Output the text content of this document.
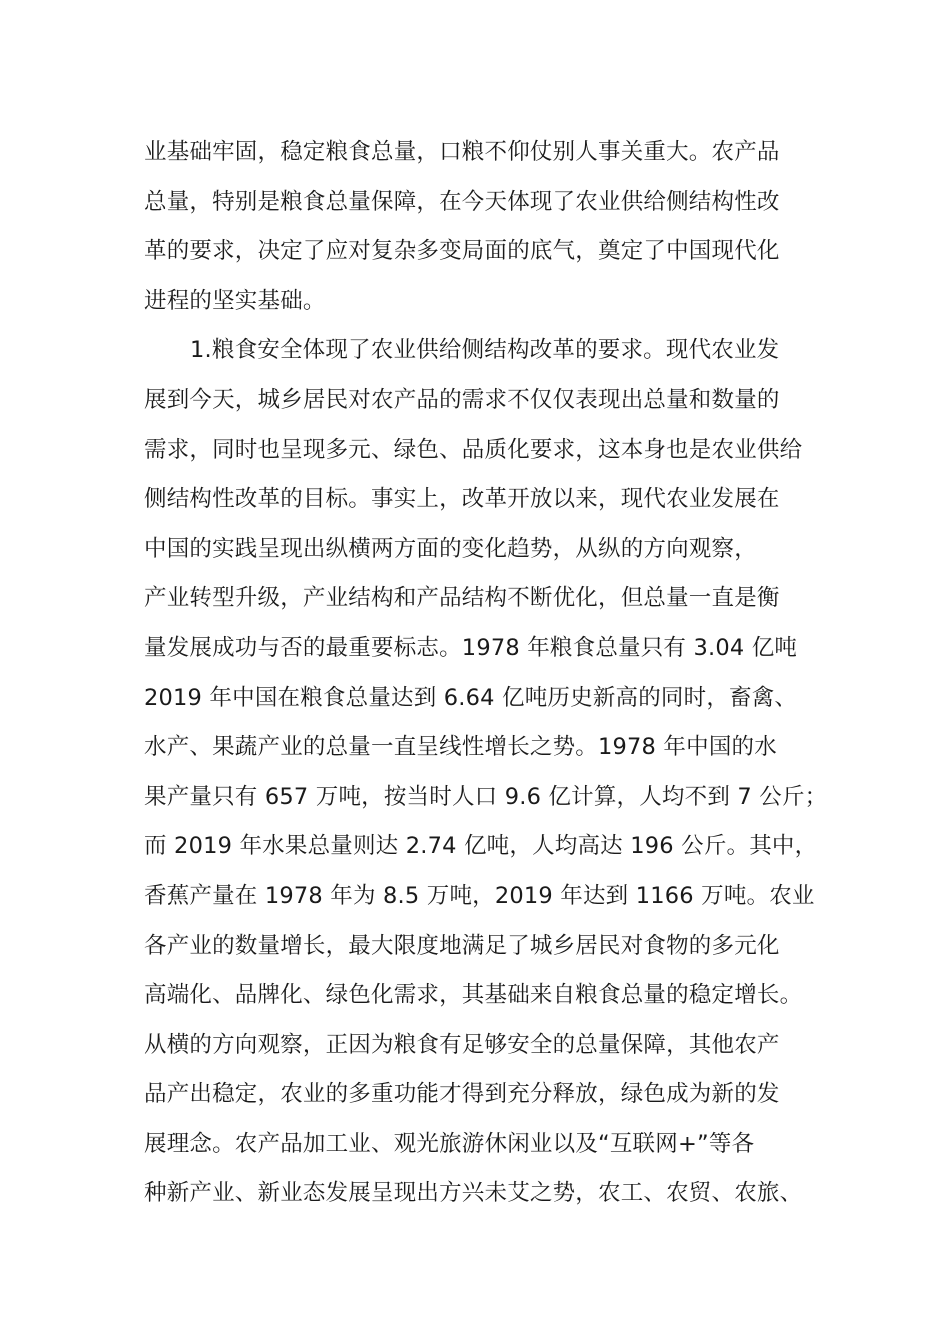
业基础牢固，稳定粮食总量，口粮不仰仗别人事关重大。农产品
总量，特别是粮食总量保障，在今天体现了农业供给侧结构性改
革的要求，决定了应对复杂多变局面的底气，奠定了中国现代化
进程的坚实基础。
1.粮食安全体现了农业供给侧结构改革的要求。现代农业发
展到今天，城乡居民对农产品的需求不仅仅表现出总量和数量的
需求，同时也呈现多元、绿色、品质化要求，这本身也是农业供给
侧结构性改革的目标。事实上，改革开放以来，现代农业发展在
中国的实践呈现出纵横两方面的变化趋势，从纵的方向观察，
产业转型升级，产业结构和产品结构不断优化，但总量一直是衡
量发展成功与否的最重要标志。1978 年粮食总量只有 3.04 亿吨
2019 年中国在粮食总量达到 6.64 亿吨历史新高的同时，畜禽、
水产、果蔬产业的总量一直呈线性增长之势。1978 年中国的水
果产量只有 657 万吨，按当时人口 9.6 亿计算，人均不到 7 公斤；
而 2019 年水果总量则达 2.74 亿吨，人均高达 196 公斤。其中，
香蕉产量在 1978 年为 8.5 万吨，2019 年达到 1166 万吨。农业
各产业的数量增长，最大限度地满足了城乡居民对食物的多元化
高端化、品牌化、绿色化需求，其基础来自粮食总量的稳定增长。
从横的方向观察，正因为粮食有足够安全的总量保障，其他农产
品产出稳定，农业的多重功能才得到充分释放，绿色成为新的发
展理念。农产品加工业、观光旅游休闲业以及“互联网+”等各
种新产业、新业态发展呈现出方兴未艾之势，农工、农贸、农旅、
